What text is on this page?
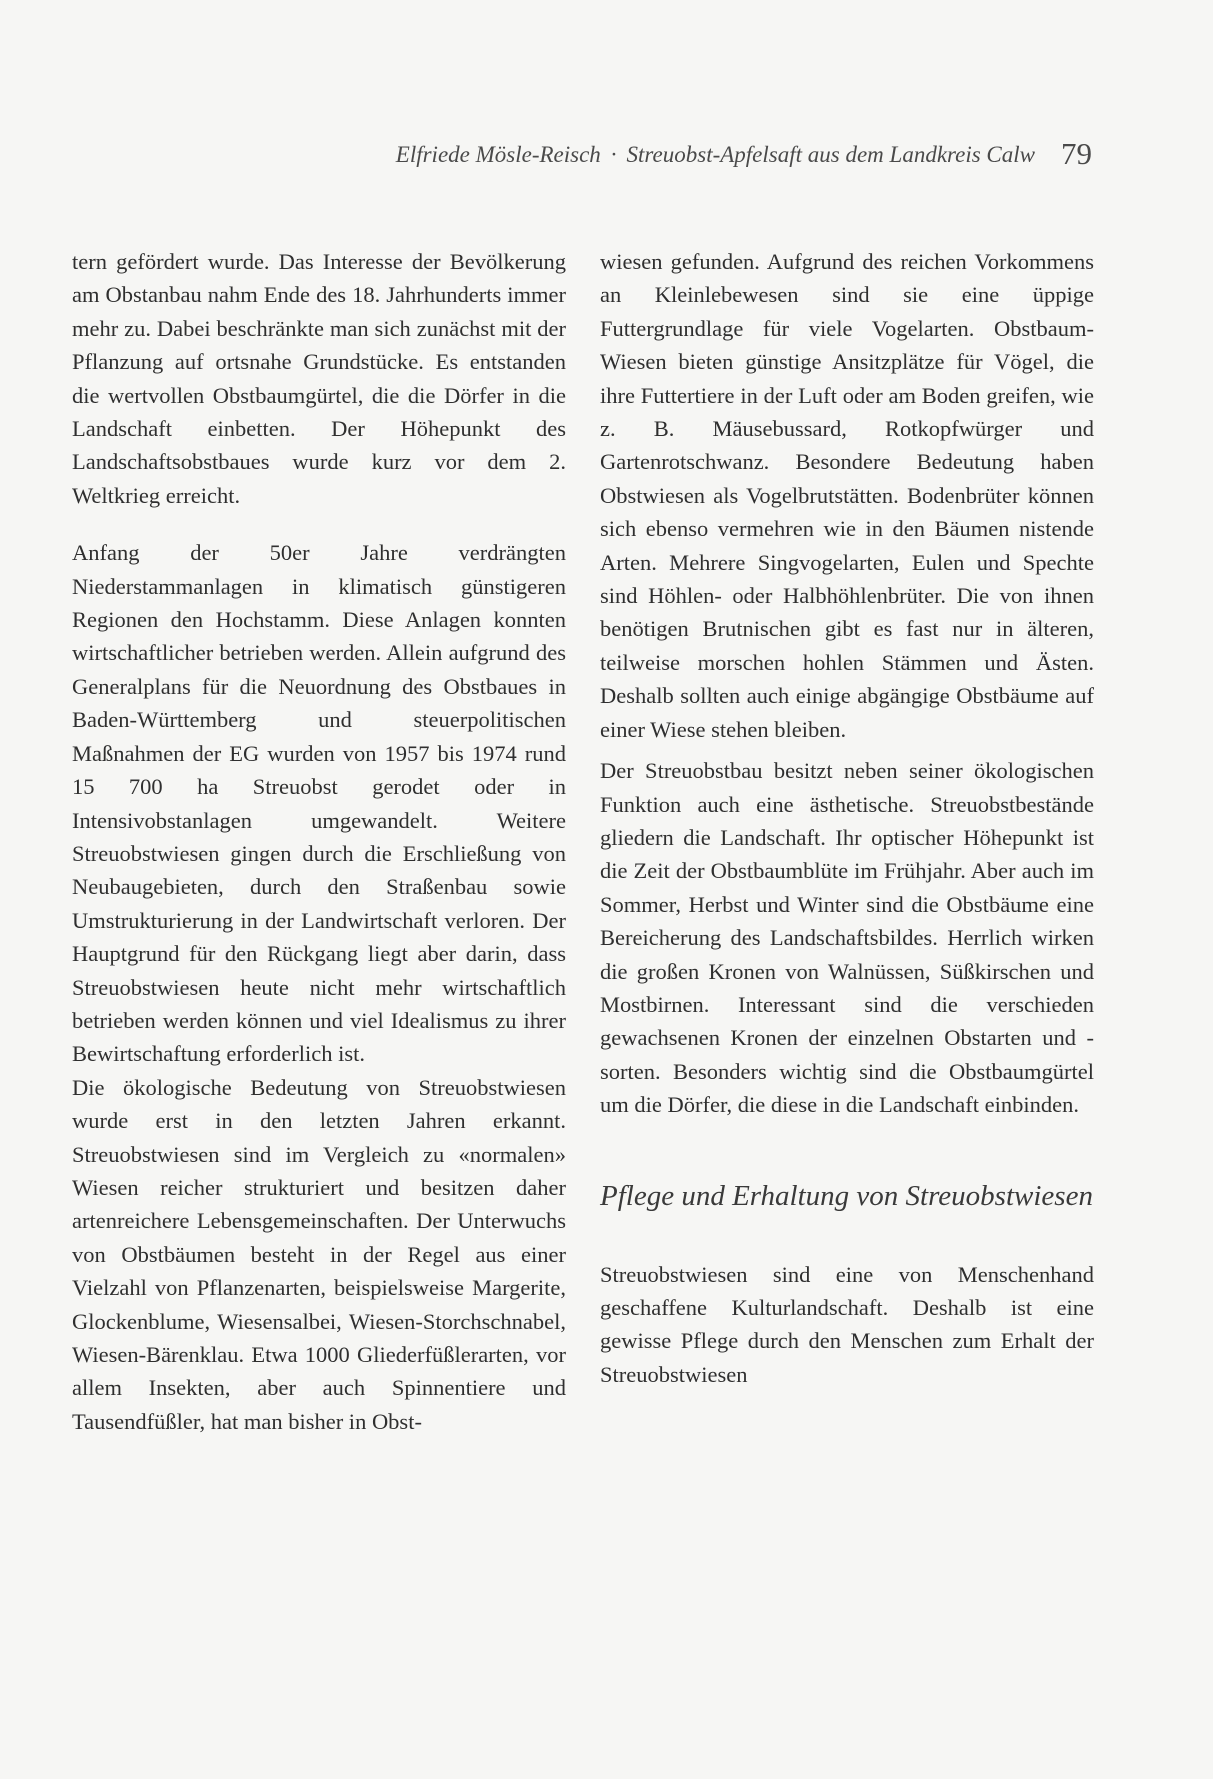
Elfriede Mösle-Reisch · Streuobst-Apfelsaft aus dem Landkreis Calw 79

tern gefördert wurde. Das Interesse der Bevölkerung am Obstanbau nahm Ende des 18. Jahrhunderts immer mehr zu. Dabei beschränkte man sich zunächst mit der Pflanzung auf ortsnahe Grundstücke. Es entstanden die wertvollen Obstbaumgürtel, die die Dörfer in die Landschaft einbetten. Der Höhepunkt des Landschaftsobstbaues wurde kurz vor dem 2. Weltkrieg erreicht.

Anfang der 50er Jahre verdrängten Niederstammanlagen in klimatisch günstigeren Regionen den Hochstamm. Diese Anlagen konnten wirtschaftlicher betrieben werden. Allein aufgrund des Generalplans für die Neuordnung des Obstbaues in Baden-Württemberg und steuerpolitischen Maßnahmen der EG wurden von 1957 bis 1974 rund 15 700 ha Streuobst gerodet oder in Intensivobstanlagen umgewandelt. Weitere Streuobstwiesen gingen durch die Erschließung von Neubaugebieten, durch den Straßenbau sowie Umstrukturierung in der Landwirtschaft verloren. Der Hauptgrund für den Rückgang liegt aber darin, dass Streuobstwiesen heute nicht mehr wirtschaftlich betrieben werden können und viel Idealismus zu ihrer Bewirtschaftung erforderlich ist.

Die ökologische Bedeutung von Streuobstwiesen wurde erst in den letzten Jahren erkannt. Streuobstwiesen sind im Vergleich zu «normalen» Wiesen reicher strukturiert und besitzen daher artenreichere Lebensgemeinschaften. Der Unterwuchs von Obstbäumen besteht in der Regel aus einer Vielzahl von Pflanzenarten, beispielsweise Margerite, Glockenblume, Wiesensalbei, Wiesen-Storchschnabel, Wiesen-Bärenklau. Etwa 1000 Gliederfüßlerarten, vor allem Insekten, aber auch Spinnentiere und Tausendfüßler, hat man bisher in Obst-

wiesen gefunden. Aufgrund des reichen Vorkommens an Kleinlebewesen sind sie eine üppige Futtergrundlage für viele Vogelarten. Obstbaum-Wiesen bieten günstige Ansitzplätze für Vögel, die ihre Futtertiere in der Luft oder am Boden greifen, wie z. B. Mäusebussard, Rotkopfwürger und Gartenrotschwanz. Besondere Bedeutung haben Obstwiesen als Vogelbrutstätten. Bodenbrüter können sich ebenso vermehren wie in den Bäumen nistende Arten. Mehrere Singvogelarten, Eulen und Spechte sind Höhlen- oder Halbhöhlenbrüter. Die von ihnen benötigen Brutnischen gibt es fast nur in älteren, teilweise morschen hohlen Stämmen und Ästen. Deshalb sollten auch einige abgängige Obstbäume auf einer Wiese stehen bleiben.

Der Streuobstbau besitzt neben seiner ökologischen Funktion auch eine ästhetische. Streuobstbestände gliedern die Landschaft. Ihr optischer Höhepunkt ist die Zeit der Obstbaumblüte im Frühjahr. Aber auch im Sommer, Herbst und Winter sind die Obstbäume eine Bereicherung des Landschaftsbildes. Herrlich wirken die großen Kronen von Walnüssen, Süßkirschen und Mostbirnen. Interessant sind die verschieden gewachsenen Kronen der einzelnen Obstarten und -sorten. Besonders wichtig sind die Obstbaumgürtel um die Dörfer, die diese in die Landschaft einbinden.

Pflege und Erhaltung von Streuobstwiesen

Streuobstwiesen sind eine von Menschenhand geschaffene Kulturlandschaft. Deshalb ist eine gewisse Pflege durch den Menschen zum Erhalt der Streuobstwiesen
